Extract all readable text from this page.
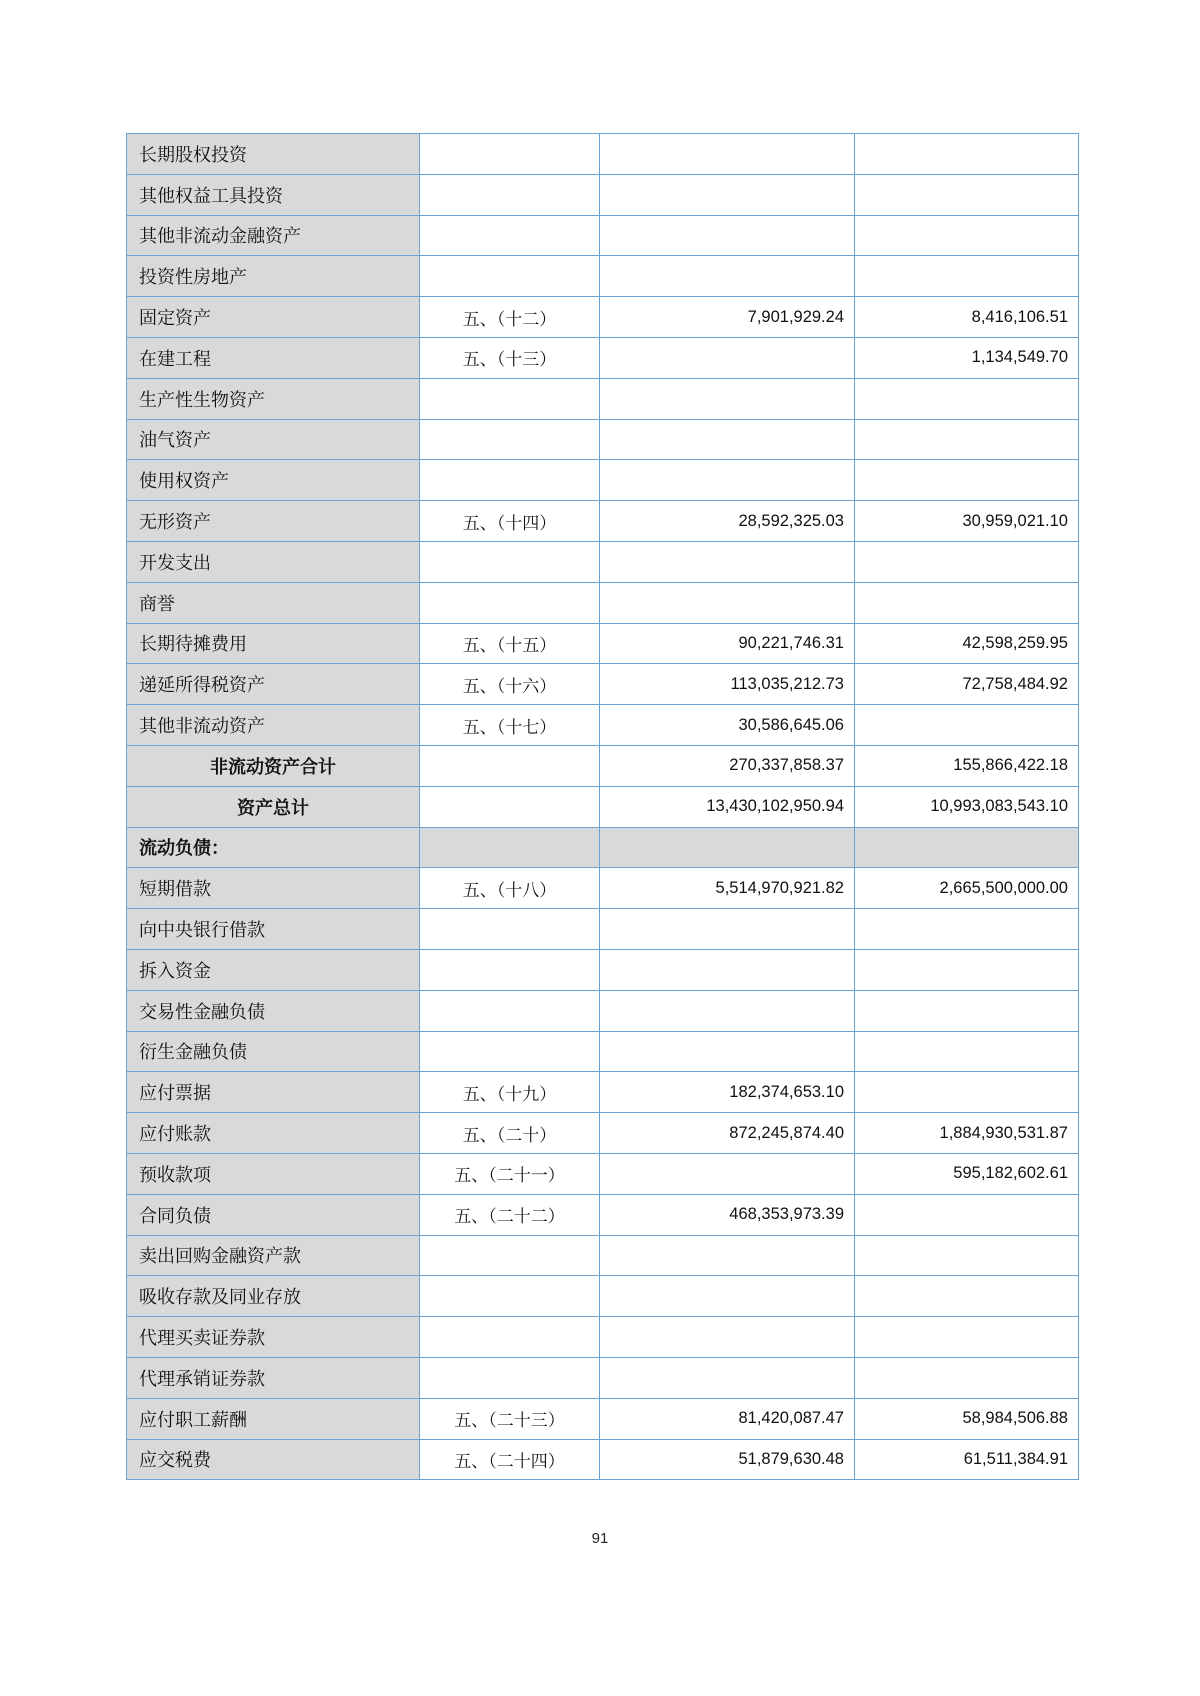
长期股权投资			
其他权益工具投资			
其他非流动金融资产			
投资性房地产			
固定资产	五、（十二）	7,901,929.24	8,416,106.51
在建工程	五、（十三）		1,134,549.70
生产性生物资产			
油气资产			
使用权资产			
无形资产	五、（十四）	28,592,325.03	30,959,021.10
开发支出			
商誉			
长期待摊费用	五、（十五）	90,221,746.31	42,598,259.95
递延所得税资产	五、（十六）	113,035,212.73	72,758,484.92
其他非流动资产	五、（十七）	30,586,645.06	
非流动资产合计		270,337,858.37	155,866,422.18
资产总计		13,430,102,950.94	10,993,083,543.10
流动负债：			
短期借款	五、（十八）	5,514,970,921.82	2,665,500,000.00
向中央银行借款			
拆入资金			
交易性金融负债			
衍生金融负债			
应付票据	五、（十九）	182,374,653.10	
应付账款	五、（二十）	872,245,874.40	1,884,930,531.87
预收款项	五、（二十一）		595,182,602.61
合同负债	五、（二十二）	468,353,973.39	
卖出回购金融资产款			
吸收存款及同业存放			
代理买卖证券款			
代理承销证券款			
应付职工薪酬	五、（二十三）	81,420,087.47	58,984,506.88
应交税费	五、（二十四）	51,879,630.48	61,511,384.91
91
